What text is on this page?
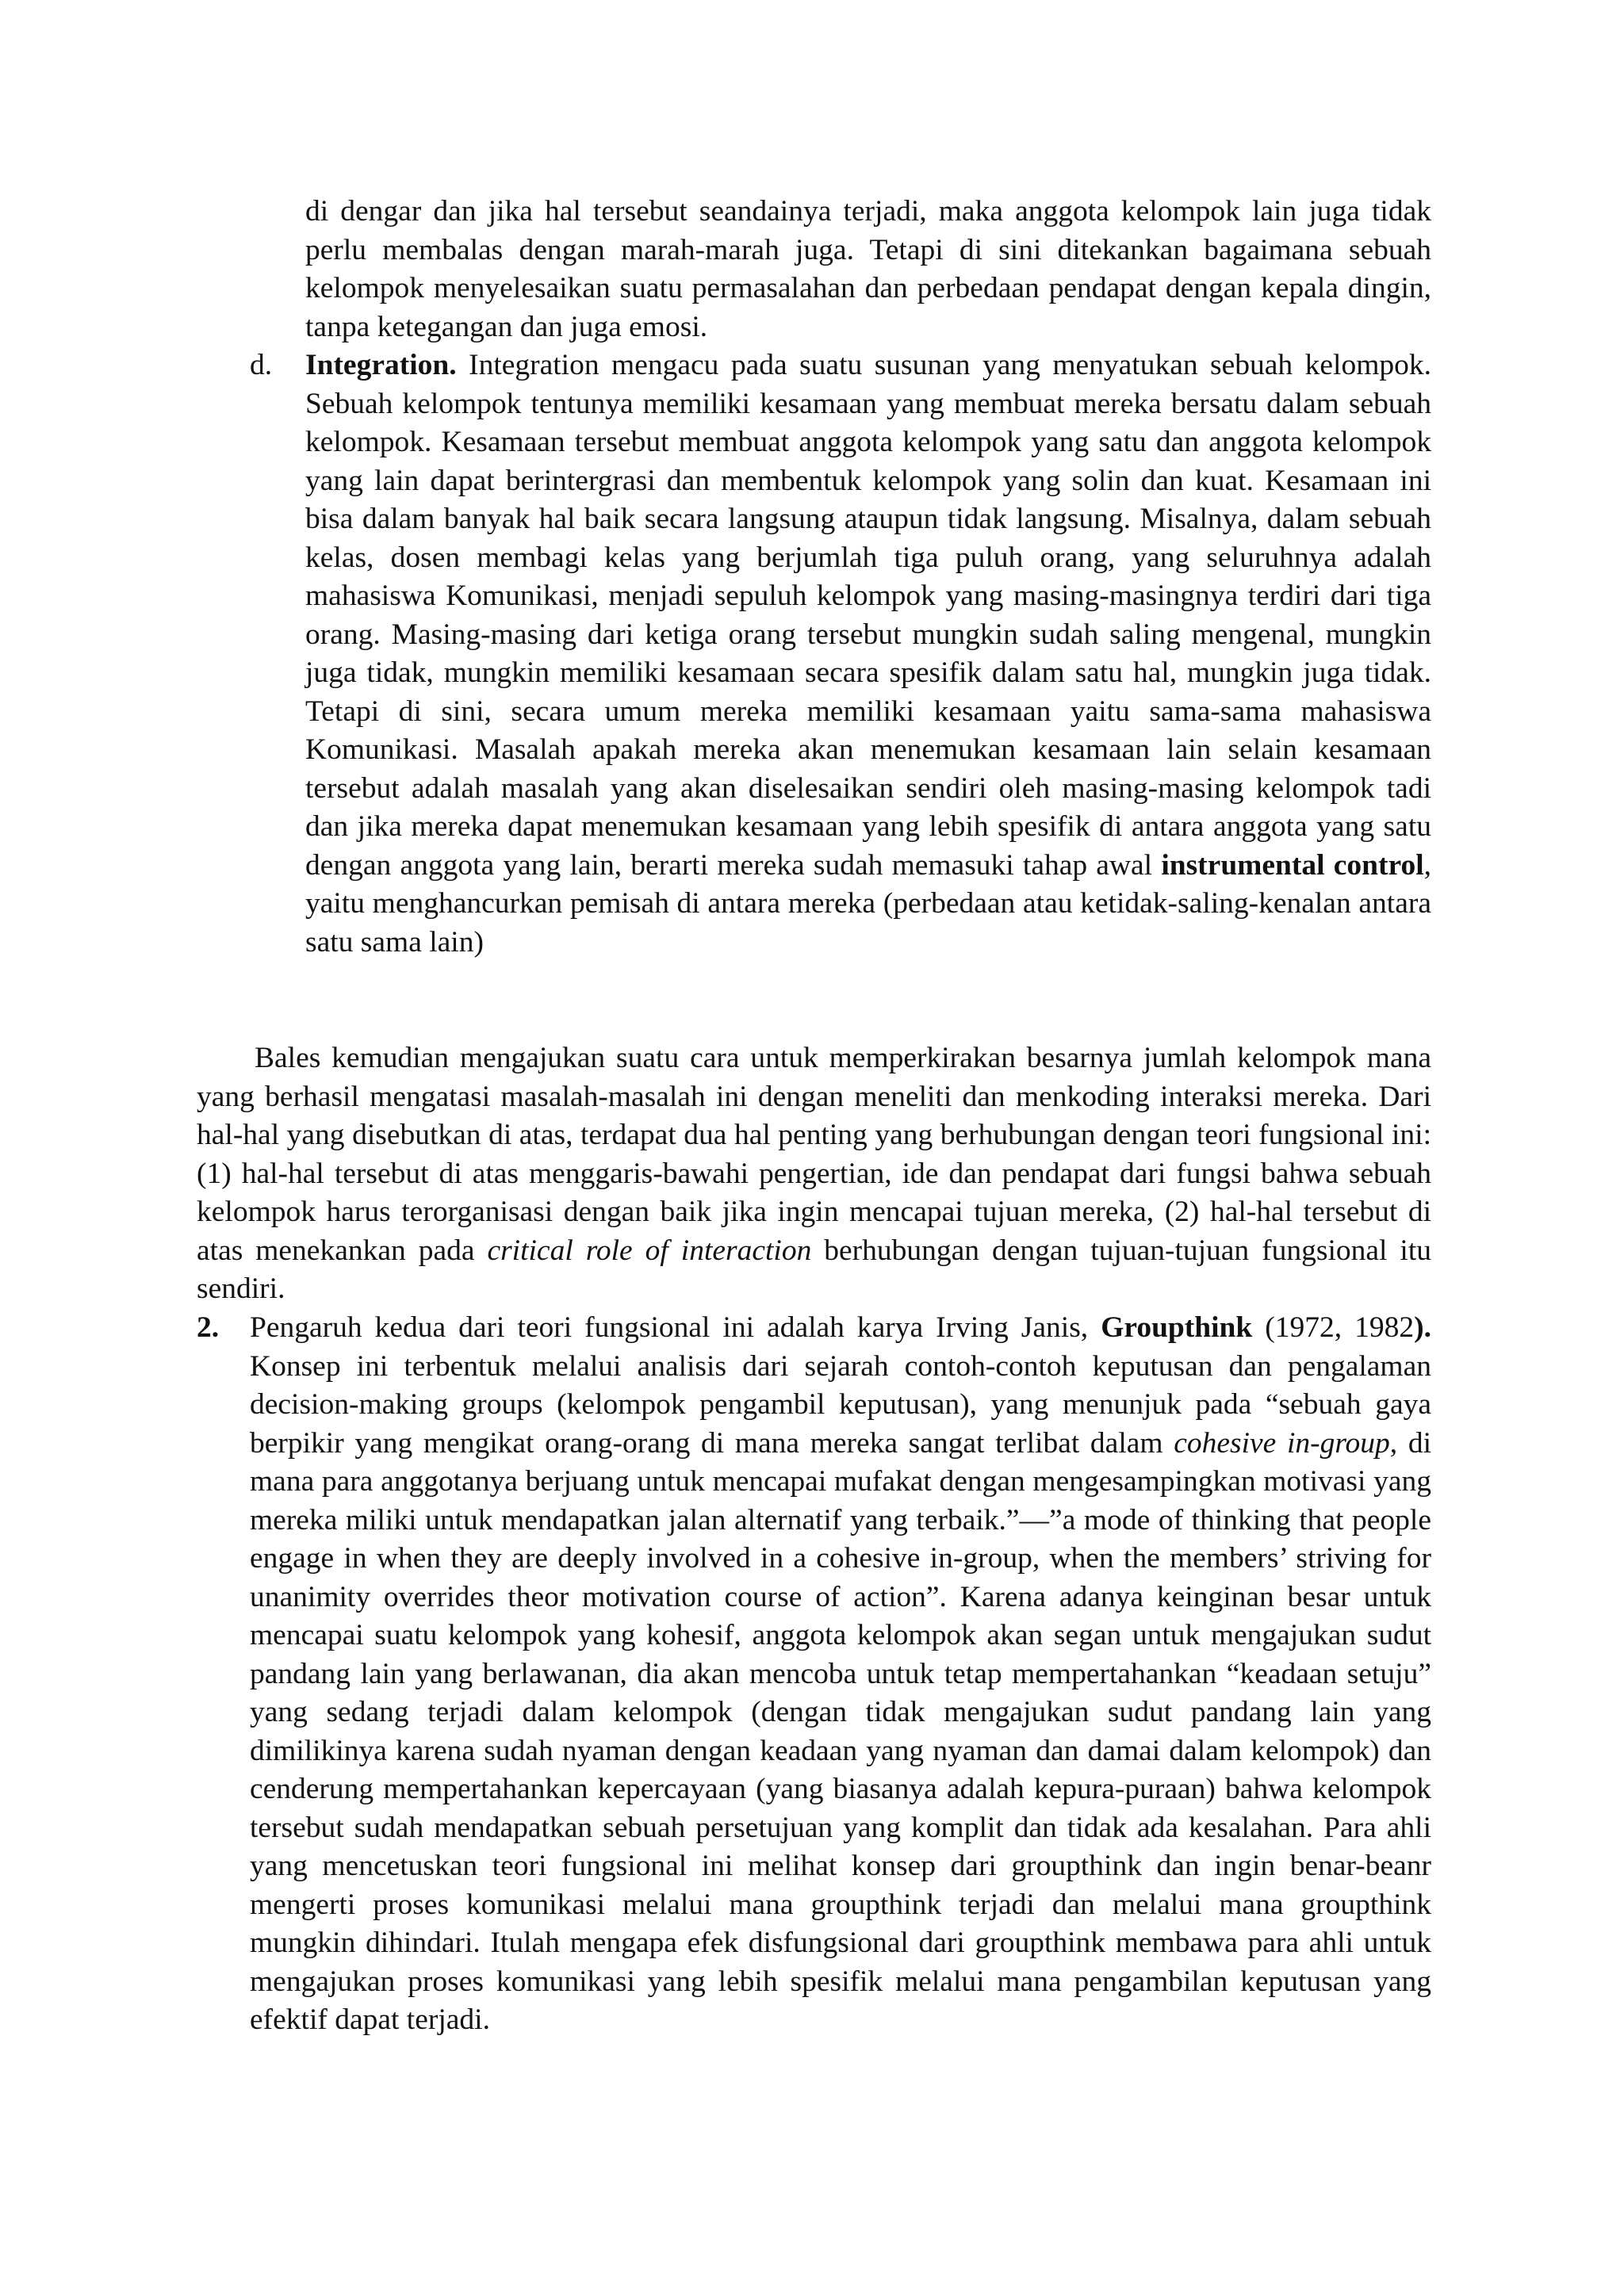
di dengar dan jika hal tersebut seandainya terjadi, maka anggota kelompok lain juga tidak perlu membalas dengan marah-marah juga. Tetapi di sini ditekankan bagaimana sebuah kelompok menyelesaikan suatu permasalahan dan perbedaan pendapat dengan kepala dingin, tanpa ketegangan dan juga emosi.

d. Integration. Integration mengacu pada suatu susunan yang menyatukan sebuah kelompok. Sebuah kelompok tentunya memiliki kesamaan yang membuat mereka bersatu dalam sebuah kelompok. Kesamaan tersebut membuat anggota kelompok yang satu dan anggota kelompok yang lain dapat berintergrasi dan membentuk kelompok yang solin dan kuat. Kesamaan ini bisa dalam banyak hal baik secara langsung ataupun tidak langsung. Misalnya, dalam sebuah kelas, dosen membagi kelas yang berjumlah tiga puluh orang, yang seluruhnya adalah mahasiswa Komunikasi, menjadi sepuluh kelompok yang masing-masingnya terdiri dari tiga orang. Masing-masing dari ketiga orang tersebut mungkin sudah saling mengenal, mungkin juga tidak, mungkin memiliki kesamaan secara spesifik dalam satu hal, mungkin juga tidak. Tetapi di sini, secara umum mereka memiliki kesamaan yaitu sama-sama mahasiswa Komunikasi. Masalah apakah mereka akan menemukan kesamaan lain selain kesamaan tersebut adalah masalah yang akan diselesaikan sendiri oleh masing-masing kelompok tadi dan jika mereka dapat menemukan kesamaan yang lebih spesifik di antara anggota yang satu dengan anggota yang lain, berarti mereka sudah memasuki tahap awal instrumental control, yaitu menghancurkan pemisah di antara mereka (perbedaan atau ketidak-saling-kenalan antara satu sama lain)

Bales kemudian mengajukan suatu cara untuk memperkirakan besarnya jumlah kelompok mana yang berhasil mengatasi masalah-masalah ini dengan meneliti dan menkoding interaksi mereka. Dari hal-hal yang disebutkan di atas, terdapat dua hal penting yang berhubungan dengan teori fungsional ini: (1) hal-hal tersebut di atas menggaris-bawahi pengertian, ide dan pendapat dari fungsi bahwa sebuah kelompok harus terorganisasi dengan baik jika ingin mencapai tujuan mereka, (2) hal-hal tersebut di atas menekankan pada critical role of interaction berhubungan dengan tujuan-tujuan fungsional itu sendiri.

2. Pengaruh kedua dari teori fungsional ini adalah karya Irving Janis, Groupthink (1972, 1982). Konsep ini terbentuk melalui analisis dari sejarah contoh-contoh keputusan dan pengalaman decision-making groups (kelompok pengambil keputusan), yang menunjuk pada “sebuah gaya berpikir yang mengikat orang-orang di mana mereka sangat terlibat dalam cohesive in-group, di mana para anggotanya berjuang untuk mencapai mufakat dengan mengesampingkan motivasi yang mereka miliki untuk mendapatkan jalan alternatif yang terbaik.”—”a mode of thinking that people engage in when they are deeply involved in a cohesive in-group, when the members’ striving for unanimity overrides theor motivation course of action”. Karena adanya keinginan besar untuk mencapai suatu kelompok yang kohesif, anggota kelompok akan segan untuk mengajukan sudut pandang lain yang berlawanan, dia akan mencoba untuk tetap mempertahankan “keadaan setuju” yang sedang terjadi dalam kelompok (dengan tidak mengajukan sudut pandang lain yang dimilikinya karena sudah nyaman dengan keadaan yang nyaman dan damai dalam kelompok) dan cenderung mempertahankan kepercayaan (yang biasanya adalah kepura-puraan) bahwa kelompok tersebut sudah mendapatkan sebuah persetujuan yang komplit dan tidak ada kesalahan. Para ahli yang mencetuskan teori fungsional ini melihat konsep dari groupthink dan ingin benar-beanr mengerti proses komunikasi melalui mana groupthink terjadi dan melalui mana groupthink mungkin dihindari. Itulah mengapa efek disfungsional dari groupthink membawa para ahli untuk mengajukan proses komunikasi yang lebih spesifik melalui mana pengambilan keputusan yang efektif dapat terjadi.
